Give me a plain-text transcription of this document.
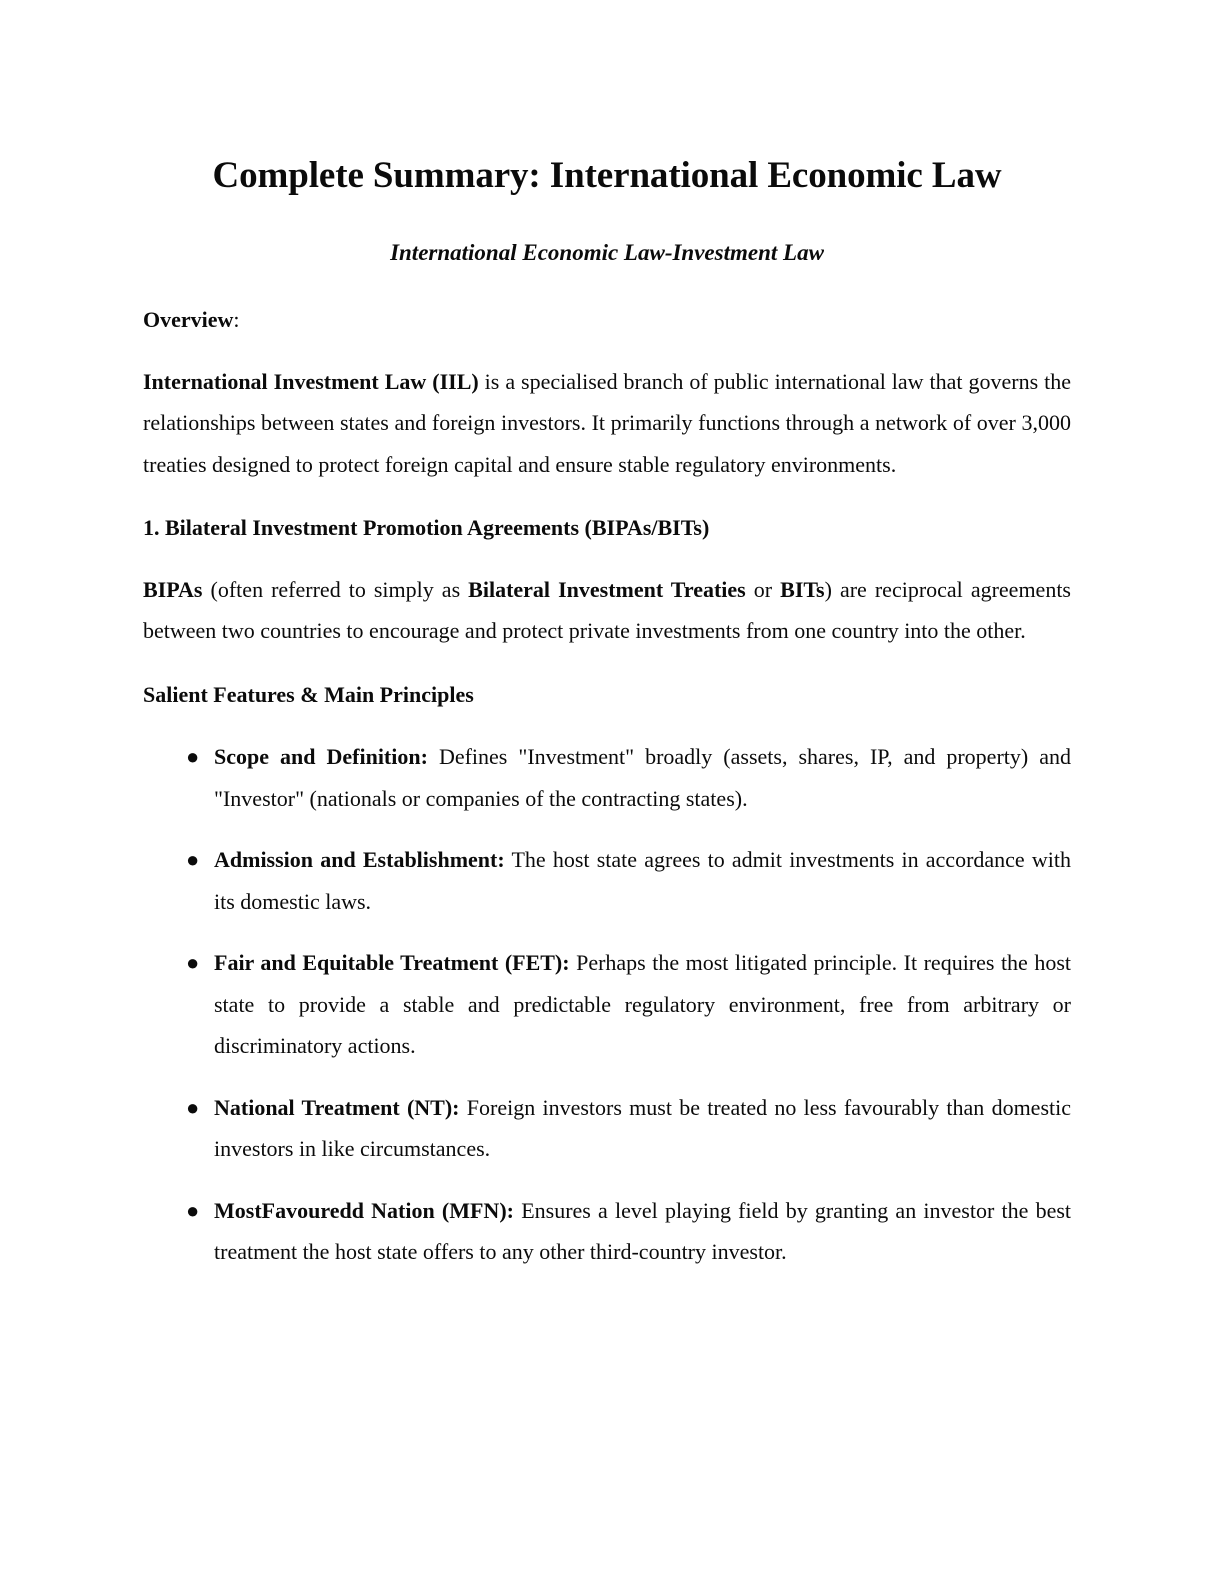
Complete Summary: International Economic Law
International Economic Law-Investment Law

Overview:

International Investment Law (IIL) is a specialised branch of public international law that governs the relationships between states and foreign investors. It primarily functions through a network of over 3,000 treaties designed to protect foreign capital and ensure stable regulatory environments.

1. Bilateral Investment Promotion Agreements (BIPAs/BITs)

BIPAs (often referred to simply as Bilateral Investment Treaties or BITs) are reciprocal agreements between two countries to encourage and protect private investments from one country into the other.

Salient Features & Main Principles
● Scope and Definition: Defines "Investment" broadly (assets, shares, IP, and property) and "Investor" (nationals or companies of the contracting states).
● Admission and Establishment: The host state agrees to admit investments in accordance with its domestic laws.
● Fair and Equitable Treatment (FET): Perhaps the most litigated principle. It requires the host state to provide a stable and predictable regulatory environment, free from arbitrary or discriminatory actions.
● National Treatment (NT): Foreign investors must be treated no less favourably than domestic investors in like circumstances.
● MostFavouredd Nation (MFN): Ensures a level playing field by granting an investor the best treatment the host state offers to any other third-country investor.
